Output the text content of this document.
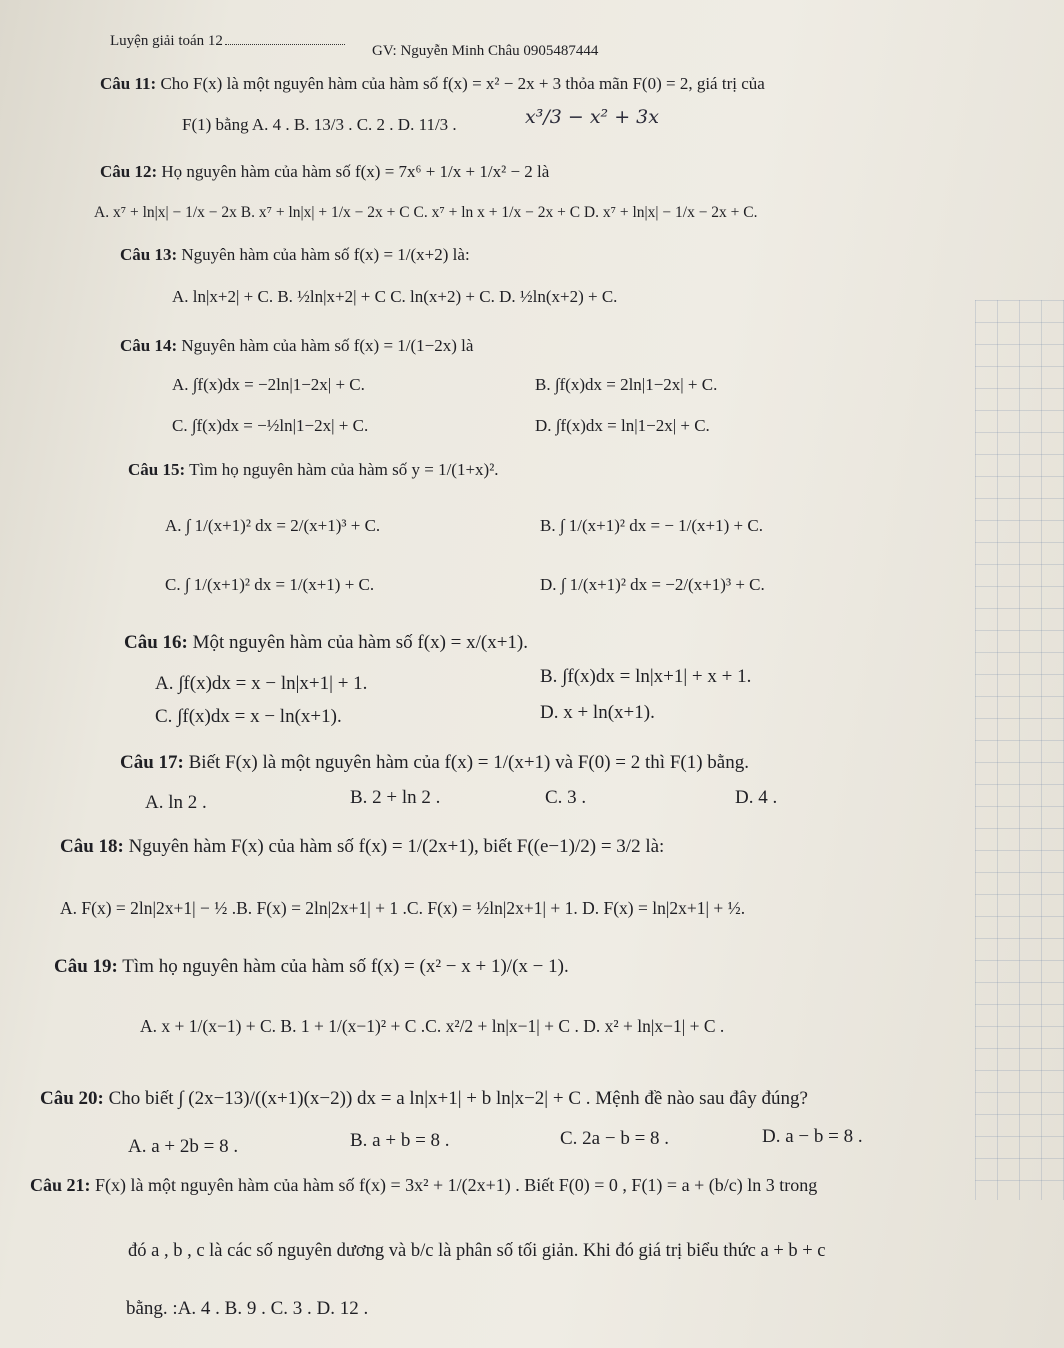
Luyện giải toán 12
GV: Nguyễn Minh Châu 0905487444
Câu 11: Cho F(x) là một nguyên hàm của hàm số f(x) = x² − 2x + 3 thỏa mãn F(0) = 2, giá trị của
F(1) bằng A. 4 . B. 13/3 . C. 2 . D. 11/3 .	x³/3 − x² + 3x
Câu 12: Họ nguyên hàm của hàm số f(x) = 7x⁶ + 1/x + 1/x² − 2 là
A. x⁷ + ln|x| − 1/x − 2x B. x⁷ + ln|x| + 1/x − 2x + C C. x⁷ + ln x + 1/x − 2x + C D. x⁷ + ln|x| − 1/x − 2x + C.
Câu 13: Nguyên hàm của hàm số f(x) = 1/(x+2) là:
A. ln|x+2| + C. B. ½ln|x+2| + C C. ln(x+2) + C. D. ½ln(x+2) + C.
Câu 14: Nguyên hàm của hàm số f(x) = 1/(1−2x) là
A. ∫f(x)dx = −2ln|1−2x| + C.	B. ∫f(x)dx = 2ln|1−2x| + C.
C. ∫f(x)dx = −½ln|1−2x| + C.	D. ∫f(x)dx = ln|1−2x| + C.
Câu 15: Tìm họ nguyên hàm của hàm số y = 1/(1+x)².
A. ∫ 1/(x+1)² dx = 2/(x+1)³ + C.	B. ∫ 1/(x+1)² dx = − 1/(x+1) + C.
C. ∫ 1/(x+1)² dx = 1/(x+1) + C.	D. ∫ 1/(x+1)² dx = −2/(x+1)³ + C.
Câu 16: Một nguyên hàm của hàm số f(x) = x/(x+1).
A. ∫f(x)dx = x − ln|x+1| + 1.	B. ∫f(x)dx = ln|x+1| + x + 1.
C. ∫f(x)dx = x − ln(x+1).	D. x + ln(x+1).
Câu 17: Biết F(x) là một nguyên hàm của f(x) = 1/(x+1) và F(0) = 2 thì F(1) bằng.
A. ln 2 .	B. 2 + ln 2 .	C. 3 .	D. 4 .
Câu 18: Nguyên hàm F(x) của hàm số f(x) = 1/(2x+1), biết F((e−1)/2) = 3/2 là:
A. F(x) = 2ln|2x+1| − ½ .B. F(x) = 2ln|2x+1| + 1 .C. F(x) = ½ln|2x+1| + 1. D. F(x) = ln|2x+1| + ½.
Câu 19: Tìm họ nguyên hàm của hàm số f(x) = (x² − x + 1)/(x − 1).
A. x + 1/(x−1) + C. B. 1 + 1/(x−1)² + C .C. x²/2 + ln|x−1| + C . D. x² + ln|x−1| + C .
Câu 20: Cho biết ∫ (2x−13)/((x+1)(x−2)) dx = a ln|x+1| + b ln|x−2| + C . Mệnh đề nào sau đây đúng?
A. a + 2b = 8 .	B. a + b = 8 .	C. 2a − b = 8 .	D. a − b = 8 .
Câu 21: F(x) là một nguyên hàm của hàm số f(x) = 3x² + 1/(2x+1) . Biết F(0) = 0 , F(1) = a + (b/c) ln 3 trong
đó a , b , c là các số nguyên dương và b/c là phân số tối giản. Khi đó giá trị biểu thức a + b + c
bằng. :A. 4 . B. 9 . C. 3 . D. 12 .
